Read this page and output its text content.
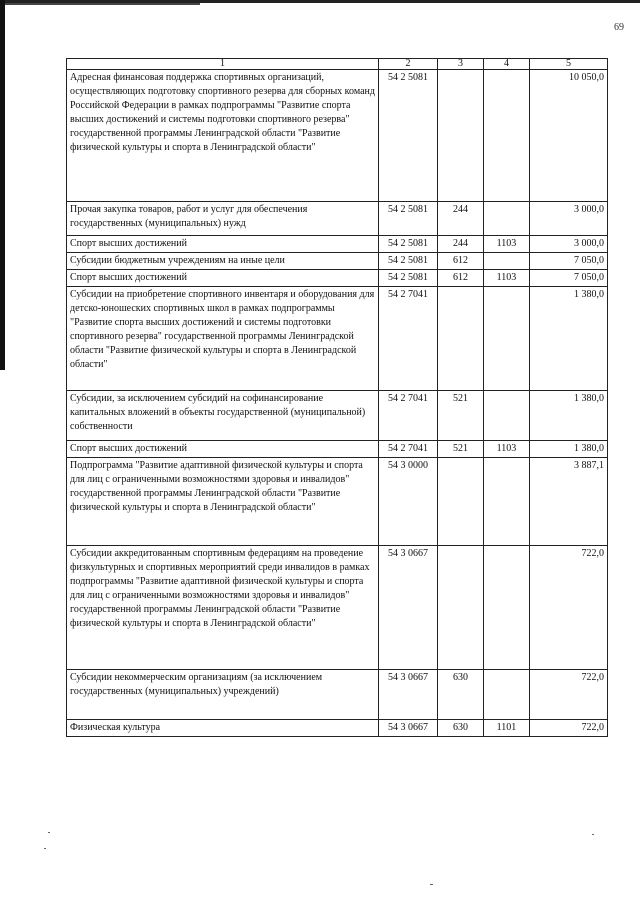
69
1	2	3	4	5
Адресная финансовая поддержка спортивных организаций, осуществляющих подготовку спортивного резерва для сборных команд Российской Федерации в рамках подпрограммы "Развитие спорта высших достижений и системы подготовки спортивного резерва" государственной программы Ленинградской области "Развитие физической культуры и спорта в Ленинградской области"	54 2 5081			10 050,0
Прочая закупка товаров, работ и услуг для обеспечения государственных (муниципальных) нужд	54 2 5081	244		3 000,0
Спорт высших достижений	54 2 5081	244	1103	3 000,0
Субсидии бюджетным учреждениям на иные цели	54 2 5081	612		7 050,0
Спорт высших достижений	54 2 5081	612	1103	7 050,0
Субсидии на приобретение спортивного инвентаря и оборудования для детско-юношеских спортивных школ в рамках подпрограммы "Развитие спорта высших достижений и системы подготовки спортивного резерва" государственной программы Ленинградской области "Развитие физической культуры и спорта в Ленинградской области"	54 2 7041			1 380,0
Субсидии, за исключением субсидий на софинансирование капитальных вложений в объекты государственной (муниципальной) собственности	54 2 7041	521		1 380,0
Спорт высших достижений	54 2 7041	521	1103	1 380,0
Подпрограмма "Развитие адаптивной физической культуры и спорта для лиц с ограниченными возможностями здоровья и инвалидов" государственной программы Ленинградской области "Развитие физической культуры и спорта в Ленинградской области"	54 3 0000			3 887,1
Субсидии аккредитованным спортивным федерациям на проведение физкультурных и спортивных мероприятий среди инвалидов в рамках подпрограммы "Развитие адаптивной физической культуры и спорта для лиц с ограниченными возможностями здоровья и инвалидов" государственной программы Ленинградской области "Развитие физической культуры и спорта в Ленинградской области"	54 3 0667			722,0
Субсидии некоммерческим организациям (за исключением государственных (муниципальных) учреждений)	54 3 0667	630		722,0
Физическая культура	54 3 0667	630	1101	722,0
